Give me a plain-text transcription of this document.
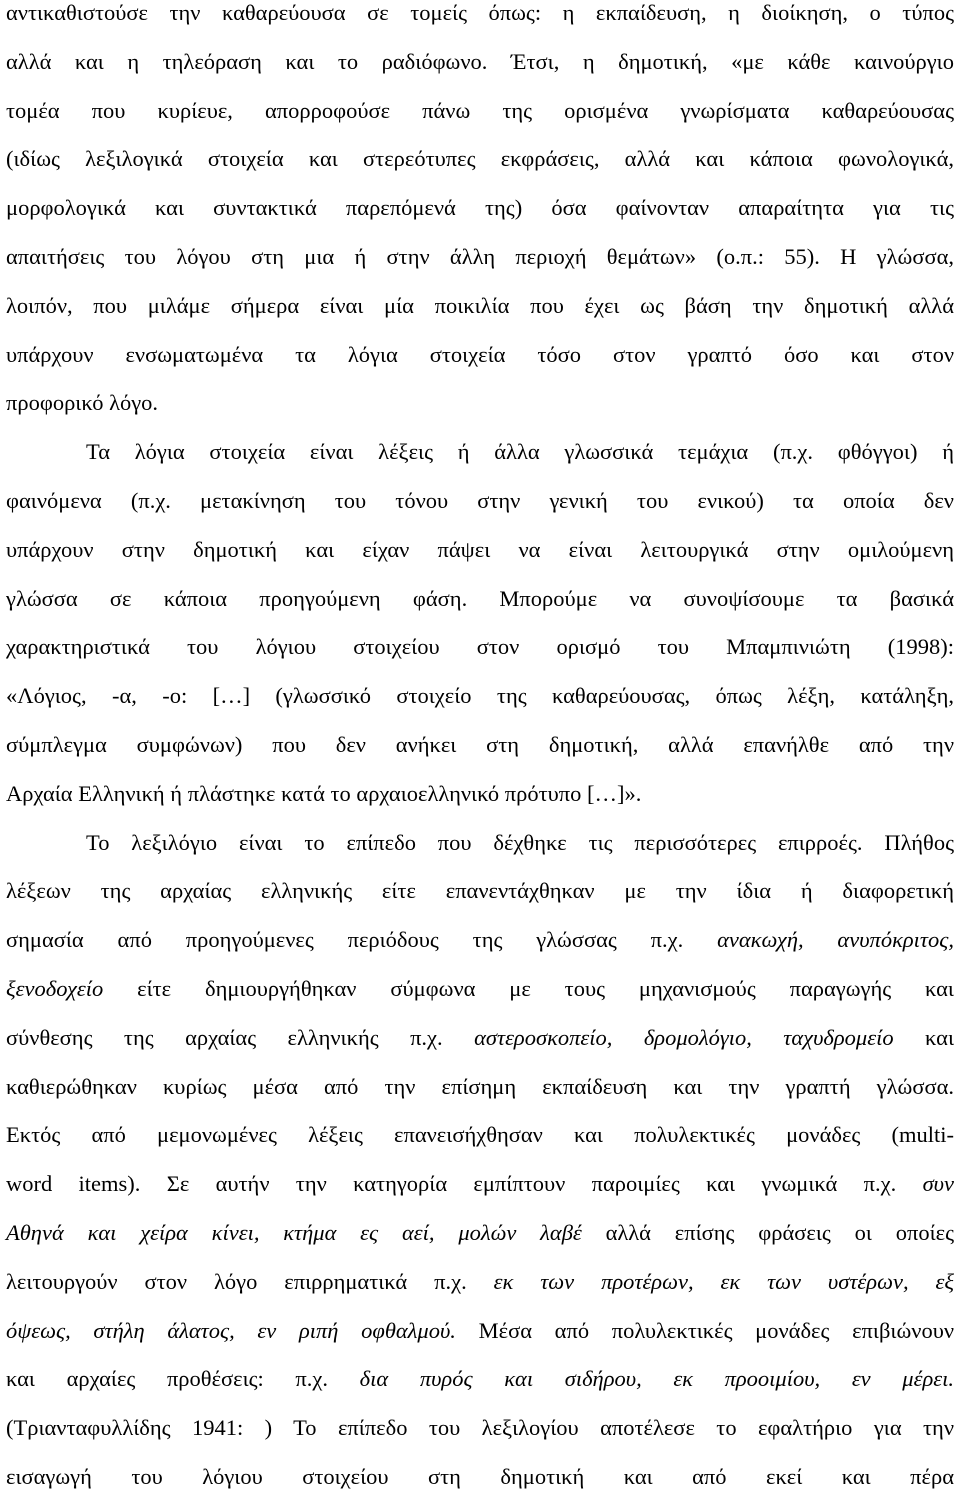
αντικαθιστούσε την καθαρεύουσα σε τομείς όπως: η εκπαίδευση, η διοίκηση, ο τύπος
αλλά και η τηλεόραση και το ραδιόφωνο. Έτσι, η δημοτική, «με κάθε καινούργιο
τομέα που κυρίευε, απορροφούσε πάνω της ορισμένα γνωρίσματα καθαρεύουσας
(ιδίως λεξιλογικά στοιχεία και στερεότυπες εκφράσεις, αλλά και κάποια φωνολογικά,
μορφολογικά και συντακτικά παρεπόμενά της) όσα φαίνονταν απαραίτητα για τις
απαιτήσεις του λόγου στη μια ή στην άλλη περιοχή θεμάτων» (ο.π.: 55). Η γλώσσα,
λοιπόν, που μιλάμε σήμερα είναι μία ποικιλία που έχει ως βάση την δημοτική αλλά
υπάρχουν ενσωματωμένα τα λόγια στοιχεία τόσο στον γραπτό όσο και στον
προφορικό λόγο.
Τα λόγια στοιχεία είναι λέξεις ή άλλα γλωσσικά τεμάχια (π.χ. φθόγγοι) ή
φαινόμενα (π.χ. μετακίνηση του τόνου στην γενική του ενικού) τα οποία δεν
υπάρχουν στην δημοτική και είχαν πάψει να είναι λειτουργικά στην ομιλούμενη
γλώσσα σε κάποια προηγούμενη φάση. Μπορούμε να συνοψίσουμε τα βασικά
χαρακτηριστικά του λόγιου στοιχείου στον ορισμό του Μπαμπινιώτη (1998):
«Λόγιος, -α, -ο: […] (γλωσσικό στοιχείο της καθαρεύουσας, όπως λέξη, κατάληξη,
σύμπλεγμα συμφώνων) που δεν ανήκει στη δημοτική, αλλά επανήλθε από την
Αρχαία Ελληνική ή πλάστηκε κατά το αρχαιοελληνικό πρότυπο […]».
Το λεξιλόγιο είναι το επίπεδο που δέχθηκε τις περισσότερες επιρροές. Πλήθος
λέξεων της αρχαίας ελληνικής είτε επανεντάχθηκαν με την ίδια ή διαφορετική
σημασία από προηγούμενες περιόδους της γλώσσας π.χ. ανακωχή, ανυπόκριτος,
ξενοδοχείο είτε δημιουργήθηκαν σύμφωνα με τους μηχανισμούς παραγωγής και
σύνθεσης της αρχαίας ελληνικής π.χ. αστεροσκοπείο, δρομολόγιο, ταχυδρομείο και
καθιερώθηκαν κυρίως μέσα από την επίσημη εκπαίδευση και την γραπτή γλώσσα.
Εκτός από μεμονωμένες λέξεις επανεισήχθησαν και πολυλεκτικές μονάδες (multi-
word items). Σε αυτήν την κατηγορία εμπίπτουν παροιμίες και γνωμικά π.χ. συν
Αθηνά και χείρα κίνει, κτήμα ες αεί, μολών λαβέ αλλά επίσης φράσεις οι οποίες
λειτουργούν στον λόγο επιρρηματικά π.χ. εκ των προτέρων, εκ των υστέρων, εξ
όψεως, στήλη άλατος, εν ριπή οφθαλμού. Μέσα από πολυλεκτικές μονάδες επιβιώνουν
και αρχαίες προθέσεις: π.χ. δια πυρός και σιδήρου, εκ προοιμίου, εν μέρει.
(Τριανταφυλλίδης 1941: ) Το επίπεδο του λεξιλογίου αποτέλεσε το εφαλτήριο για την
εισαγωγή του λόγιου στοιχείου στη δημοτική και από εκεί και πέρα
